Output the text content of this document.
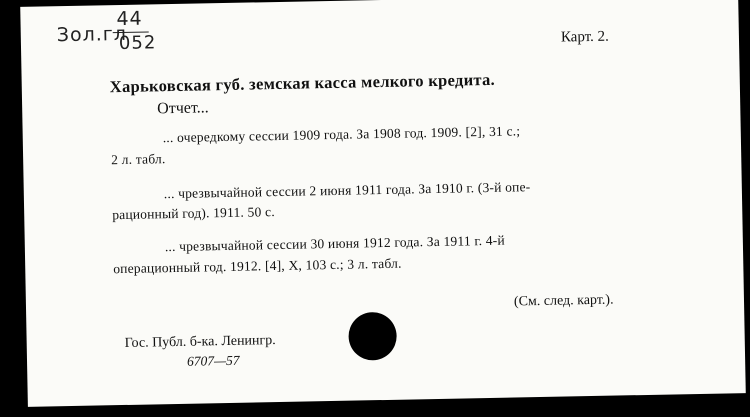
Зол.гл
44
052	Карт. 2.
Харьковская губ. земская касса мелкого кредита.
Отчет...
... очередкому сессии 1909 года. За 1908 год. 1909. [2], 31 с.;
2 л. табл.
... чрезвычайной сессии 2 июня 1911 года. За 1910 г. (3-й опе-
рационный год). 1911. 50 с.
... чрезвычайной сессии 30 июня 1912 года. За 1911 г. 4-й
операционный год. 1912. [4], X, 103 с.; 3 л. табл.
(См. след. карт.).
Гос. Публ. б-ка. Ленингр.
6707—57
